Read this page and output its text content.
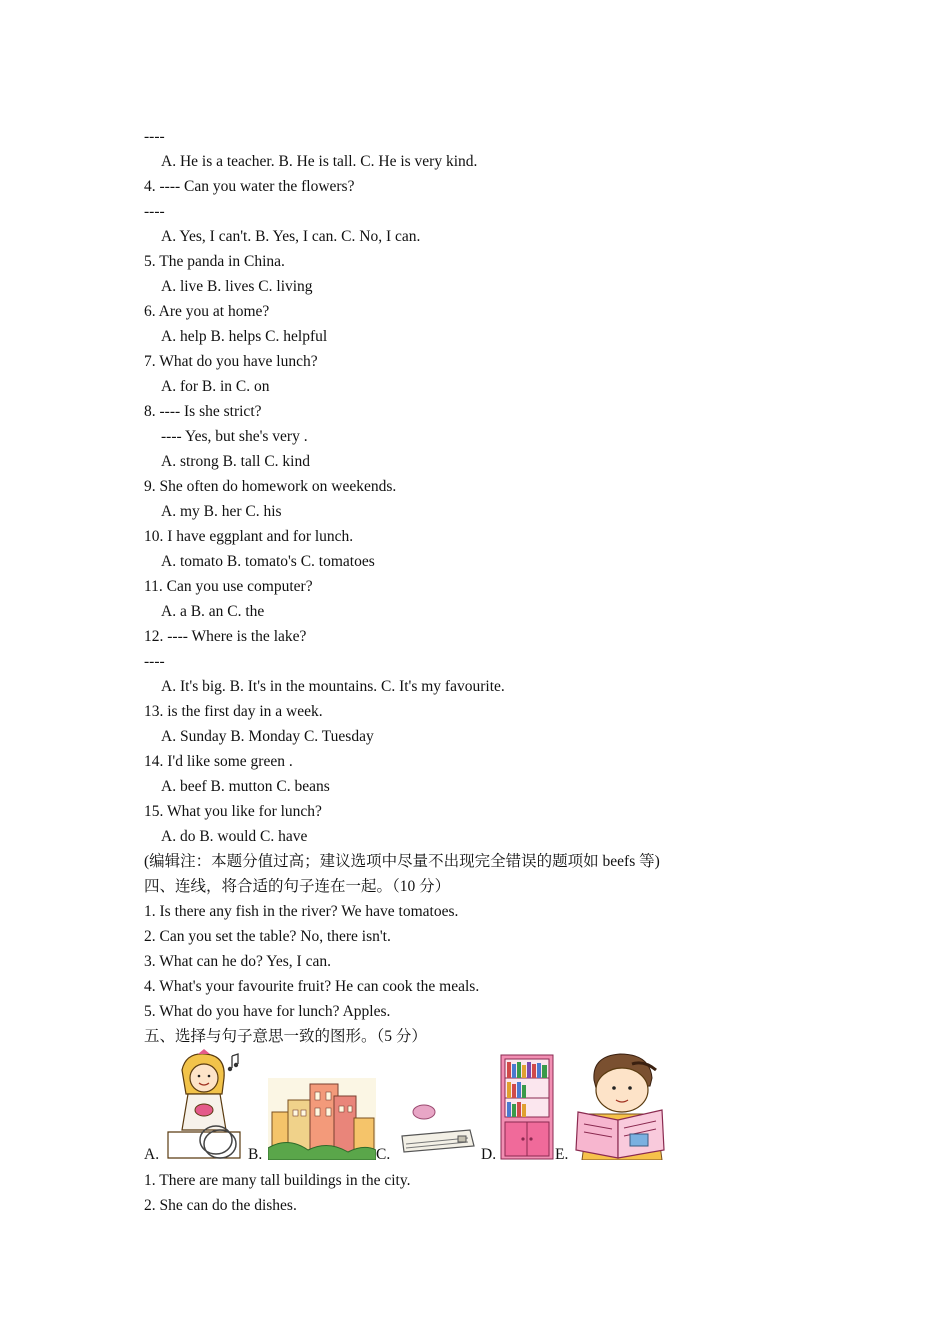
----
A. He is a teacher. B. He is tall. C. He is very kind.
4. ---- Can you water the flowers?
----
A. Yes, I can't. B. Yes, I can. C. No, I can.
5. The panda in China.
A. live B. lives C. living
6. Are you at home?
A. help B. helps C. helpful
7. What do you have lunch?
A. for B. in C. on
8. ---- Is she strict?
---- Yes, but she's very .
A. strong B. tall C. kind
9. She often do homework on weekends.
A. my B. her C. his
10. I have eggplant and for lunch.
A. tomato B. tomato's C. tomatoes
11. Can you use computer?
A. a B. an C. the
12. ---- Where is the lake?
----
A. It's big. B. It's in the mountains. C. It's my favourite.
13. is the first day in a week.
A. Sunday B. Monday C. Tuesday
14. I'd like some green .
A. beef B. mutton C. beans
15. What you like for lunch?
A. do B. would C. have
(编辑注：本题分值过高；建议选项中尽量不出现完全错误的题项如 beefs 等)
四、连线，将合适的句子连在一起。（10 分）
1. Is there any fish in the river? We have tomatoes.
2. Can you set the table? No, there isn't.
3. What can he do? Yes, I can.
4. What's your favourite fruit? He can cook the meals.
5. What do you have for lunch? Apples.
五、选择与句子意思一致的图形。（5 分）
A.	B.	C.	D.	E.
1. There are many tall buildings in the city.
2. She can do the dishes.
